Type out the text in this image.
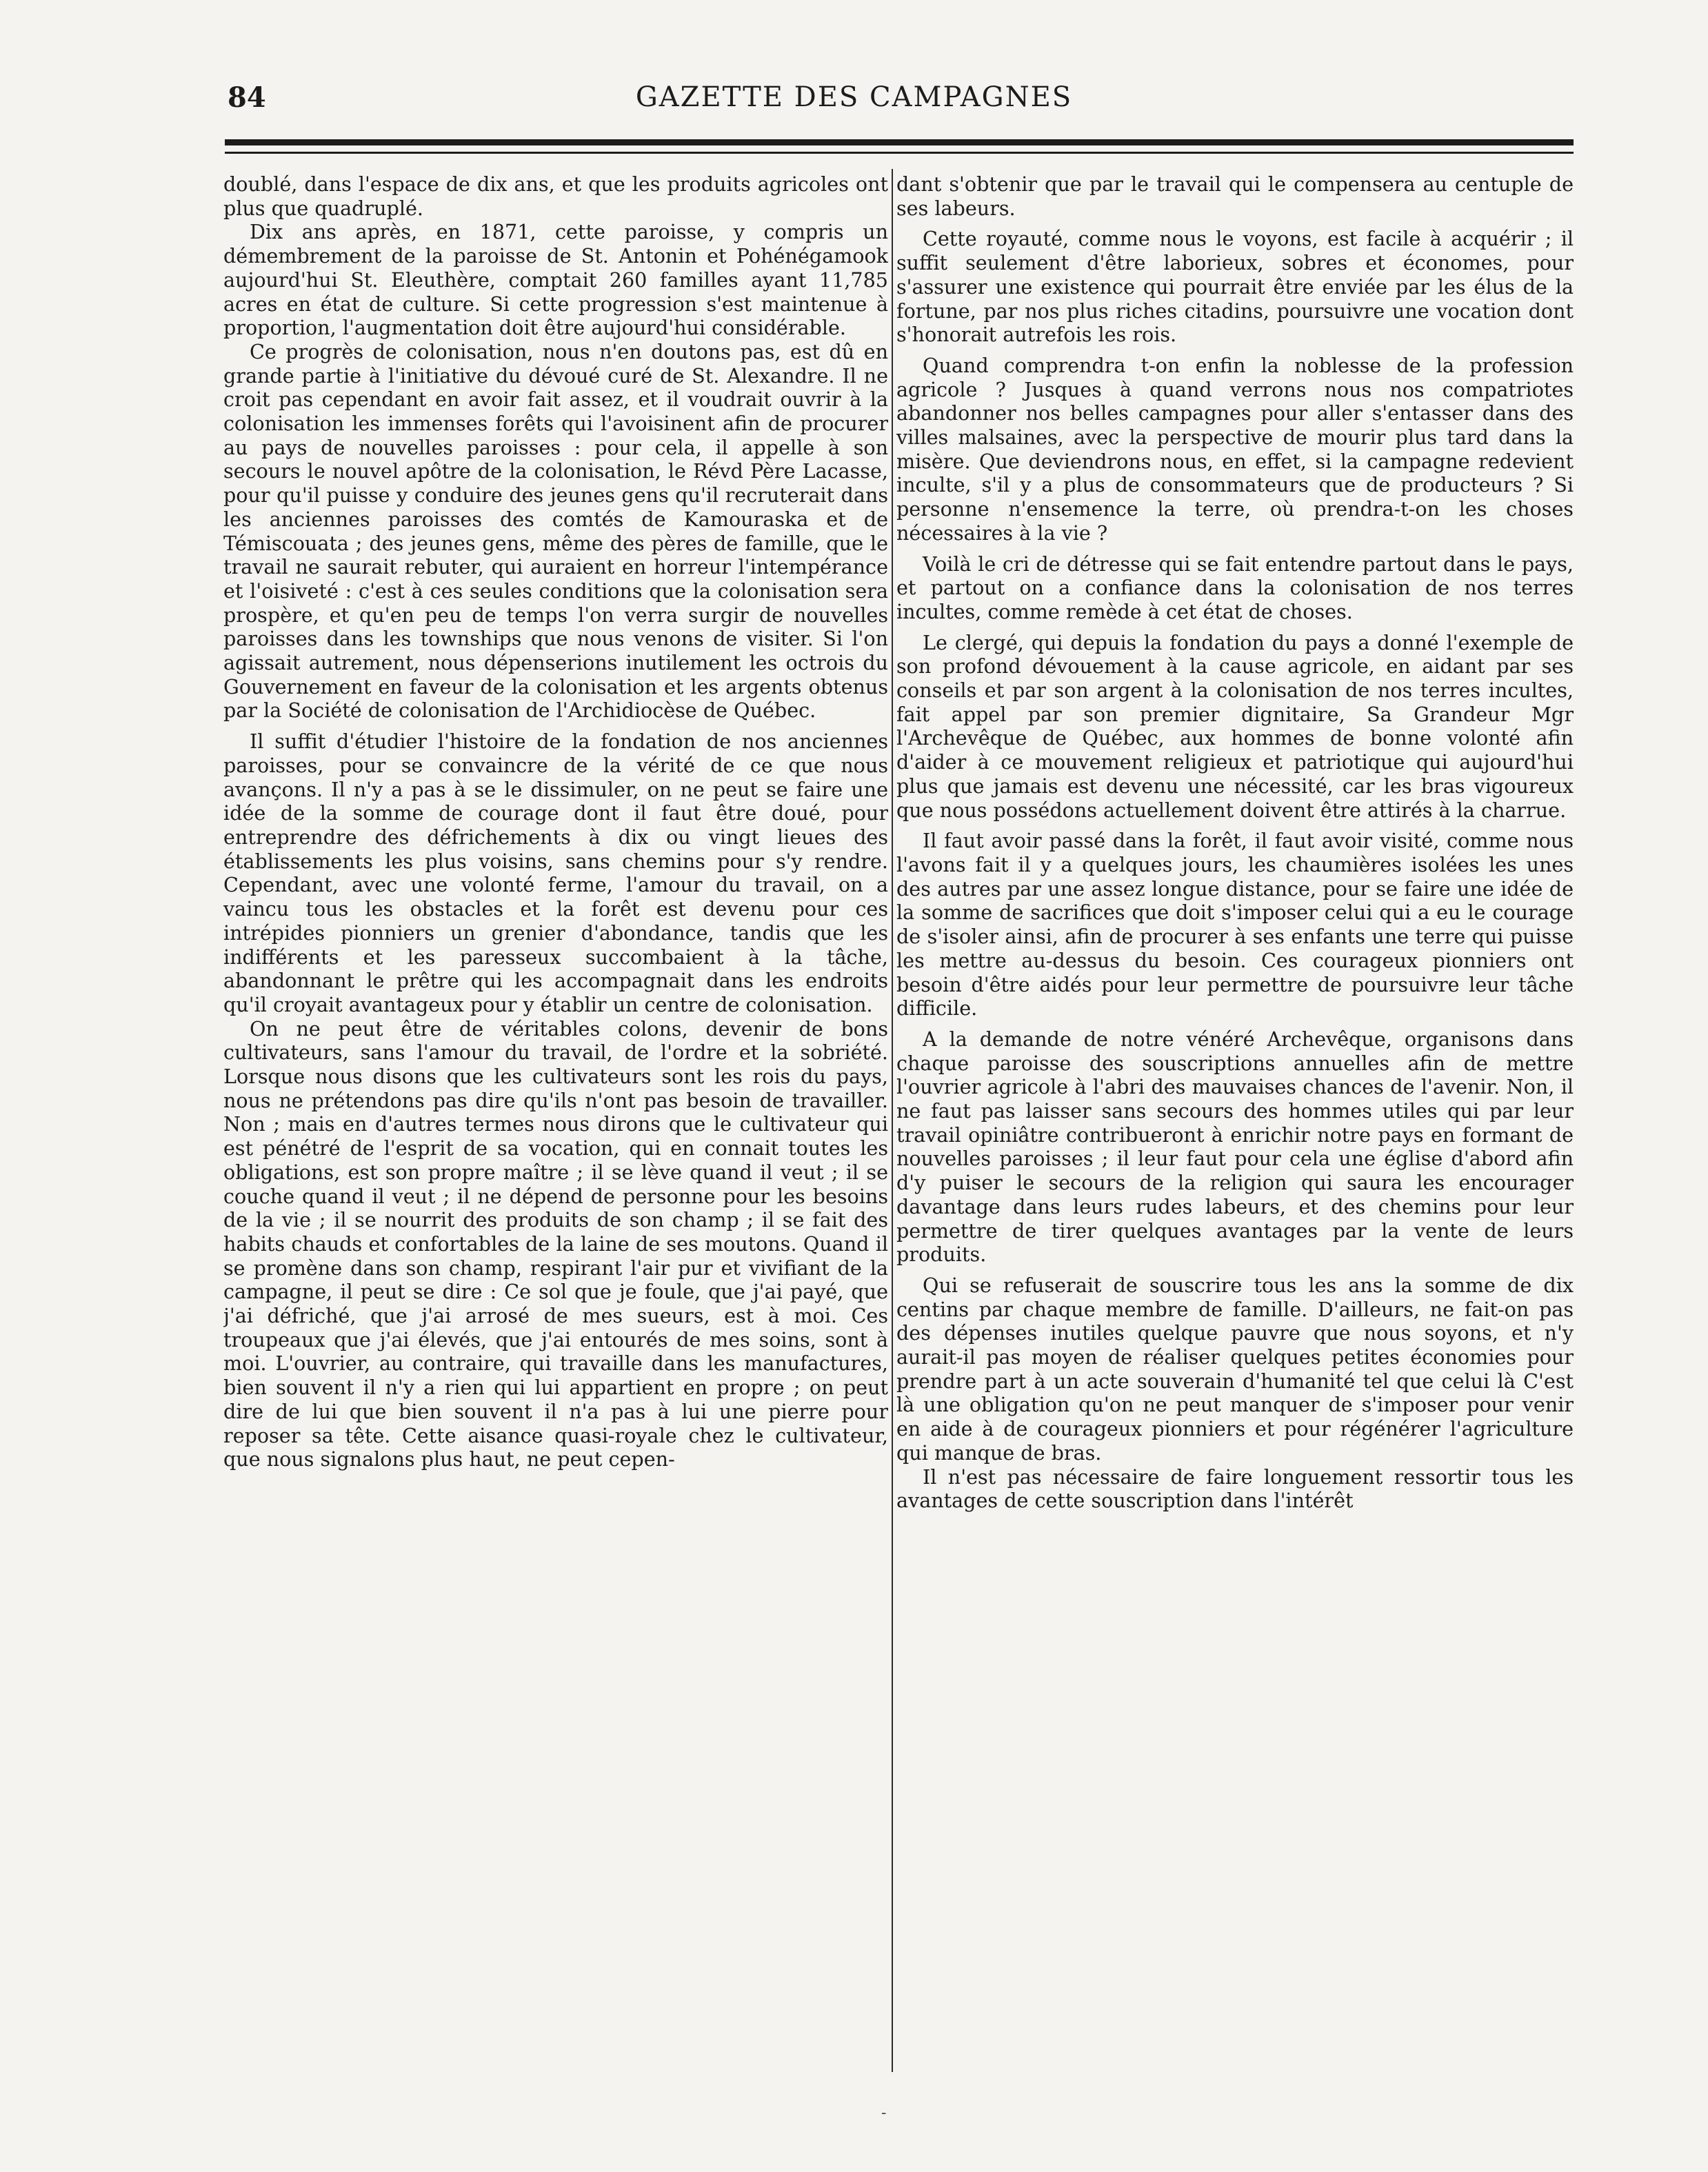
84	GAZETTE DES CAMPAGNES

doublé, dans l'espace de dix ans, et que les produits agricoles ont plus que quadruplé.

Dix ans après, en 1871, cette paroisse, y compris un démembrement de la paroisse de St. Antonin et Pohénégamook aujourd'hui St. Eleuthère, comptait 260 familles ayant 11,785 acres en état de culture. Si cette progression s'est maintenue à proportion, l'augmentation doit être aujourd'hui considérable.

Ce progrès de colonisation, nous n'en doutons pas, est dû en grande partie à l'initiative du dévoué curé de St. Alexandre. Il ne croit pas cependant en avoir fait assez, et il voudrait ouvrir à la colonisation les immenses forêts qui l'avoisinent afin de procurer au pays de nouvelles paroisses : pour cela, il appelle à son secours le nouvel apôtre de la colonisation, le Révd Père Lacasse, pour qu'il puisse y conduire des jeunes gens qu'il recruterait dans les anciennes paroisses des comtés de Kamouraska et de Témiscouata ; des jeunes gens, même des pères de famille, que le travail ne saurait rebuter, qui auraient en horreur l'intempérance et l'oisiveté : c'est à ces seules conditions que la colonisation sera prospère, et qu'en peu de temps l'on verra surgir de nouvelles paroisses dans les townships que nous venons de visiter. Si l'on agissait autrement, nous dépenserions inutilement les octrois du Gouvernement en faveur de la colonisation et les argents obtenus par la Société de colonisation de l'Archidiocèse de Québec.

Il suffit d'étudier l'histoire de la fondation de nos anciennes paroisses, pour se convaincre de la vérité de ce que nous avançons. Il n'y a pas à se le dissimuler, on ne peut se faire une idée de la somme de courage dont il faut être doué, pour entreprendre des défrichements à dix ou vingt lieues des établissements les plus voisins, sans chemins pour s'y rendre. Cependant, avec une volonté ferme, l'amour du travail, on a vaincu tous les obstacles et la forêt est devenu pour ces intrépides pionniers un grenier d'abondance, tandis que les indifférents et les paresseux succombaient à la tâche, abandonnant le prêtre qui les accompagnait dans les endroits qu'il croyait avantageux pour y établir un centre de colonisation.

On ne peut être de véritables colons, devenir de bons cultivateurs, sans l'amour du travail, de l'ordre et la sobriété. Lorsque nous disons que les cultivateurs sont les rois du pays, nous ne prétendons pas dire qu'ils n'ont pas besoin de travailler. Non ; mais en d'autres termes nous dirons que le cultivateur qui est pénétré de l'esprit de sa vocation, qui en connait toutes les obligations, est son propre maître ; il se lève quand il veut ; il se couche quand il veut ; il ne dépend de personne pour les besoins de la vie ; il se nourrit des produits de son champ ; il se fait des habits chauds et confortables de la laine de ses moutons. Quand il se promène dans son champ, respirant l'air pur et vivifiant de la campagne, il peut se dire : Ce sol que je foule, que j'ai payé, que j'ai défriché, que j'ai arrosé de mes sueurs, est à moi. Ces troupeaux que j'ai élevés, que j'ai entourés de mes soins, sont à moi. L'ouvrier, au contraire, qui travaille dans les manufactures, bien souvent il n'y a rien qui lui appartient en propre ; on peut dire de lui que bien souvent il n'a pas à lui une pierre pour reposer sa tête. Cette aisance quasi-royale chez le cultivateur, que nous signalons plus haut, ne peut cepen-

dant s'obtenir que par le travail qui le compensera au centuple de ses labeurs.

Cette royauté, comme nous le voyons, est facile à acquérir ; il suffit seulement d'être laborieux, sobres et économes, pour s'assurer une existence qui pourrait être enviée par les élus de la fortune, par nos plus riches citadins, poursuivre une vocation dont s'honorait autrefois les rois.

Quand comprendra t-on enfin la noblesse de la profession agricole ? Jusques à quand verrons nous nos compatriotes abandonner nos belles campagnes pour aller s'entasser dans des villes malsaines, avec la perspective de mourir plus tard dans la misère. Que deviendrons nous, en effet, si la campagne redevient inculte, s'il y a plus de consommateurs que de producteurs ? Si personne n'ensemence la terre, où prendra-t-on les choses nécessaires à la vie ?

Voilà le cri de détresse qui se fait entendre partout dans le pays, et partout on a confiance dans la colonisation de nos terres incultes, comme remède à cet état de choses.

Le clergé, qui depuis la fondation du pays a donné l'exemple de son profond dévouement à la cause agricole, en aidant par ses conseils et par son argent à la colonisation de nos terres incultes, fait appel par son premier dignitaire, Sa Grandeur Mgr l'Archevêque de Québec, aux hommes de bonne volonté afin d'aider à ce mouvement religieux et patriotique qui aujourd'hui plus que jamais est devenu une nécessité, car les bras vigoureux que nous possédons actuellement doivent être attirés à la charrue.

Il faut avoir passé dans la forêt, il faut avoir visité, comme nous l'avons fait il y a quelques jours, les chaumières isolées les unes des autres par une assez longue distance, pour se faire une idée de la somme de sacrifices que doit s'imposer celui qui a eu le courage de s'isoler ainsi, afin de procurer à ses enfants une terre qui puisse les mettre au-dessus du besoin. Ces courageux pionniers ont besoin d'être aidés pour leur permettre de poursuivre leur tâche difficile.

A la demande de notre vénéré Archevêque, organisons dans chaque paroisse des souscriptions annuelles afin de mettre l'ouvrier agricole à l'abri des mauvaises chances de l'avenir. Non, il ne faut pas laisser sans secours des hommes utiles qui par leur travail opiniâtre contribueront à enrichir notre pays en formant de nouvelles paroisses ; il leur faut pour cela une église d'abord afin d'y puiser le secours de la religion qui saura les encourager davantage dans leurs rudes labeurs, et des chemins pour leur permettre de tirer quelques avantages par la vente de leurs produits.

Qui se refuserait de souscrire tous les ans la somme de dix centins par chaque membre de famille. D'ailleurs, ne fait-on pas des dépenses inutiles quelque pauvre que nous soyons, et n'y aurait-il pas moyen de réaliser quelques petites économies pour prendre part à un acte souverain d'humanité tel que celui là C'est là une obligation qu'on ne peut manquer de s'imposer pour venir en aide à de courageux pionniers et pour régénérer l'agriculture qui manque de bras.

Il n'est pas nécessaire de faire longuement ressortir tous les avantages de cette souscription dans l'intérêt

-
